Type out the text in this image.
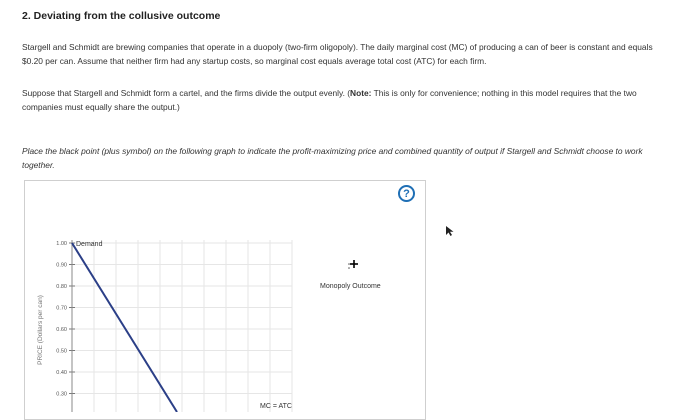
2. Deviating from the collusive outcome
Stargell and Schmidt are brewing companies that operate in a duopoly (two-firm oligopoly). The daily marginal cost (MC) of producing a can of beer is constant and equals $0.20 per can. Assume that neither firm had any startup costs, so marginal cost equals average total cost (ATC) for each firm.
Suppose that Stargell and Schmidt form a cartel, and the firms divide the output evenly. (Note: This is only for convenience; nothing in this model requires that the two companies must equally share the output.)
Place the black point (plus symbol) on the following graph to indicate the profit-maximizing price and combined quantity of output if Stargell and Schmidt choose to work together.
1.00
0.90
0.80
0.70
0.60
0.50
0.40
0.30
PRICE (Dollars per can)
Demand
MC = ATC
Monopoly Outcome
?
